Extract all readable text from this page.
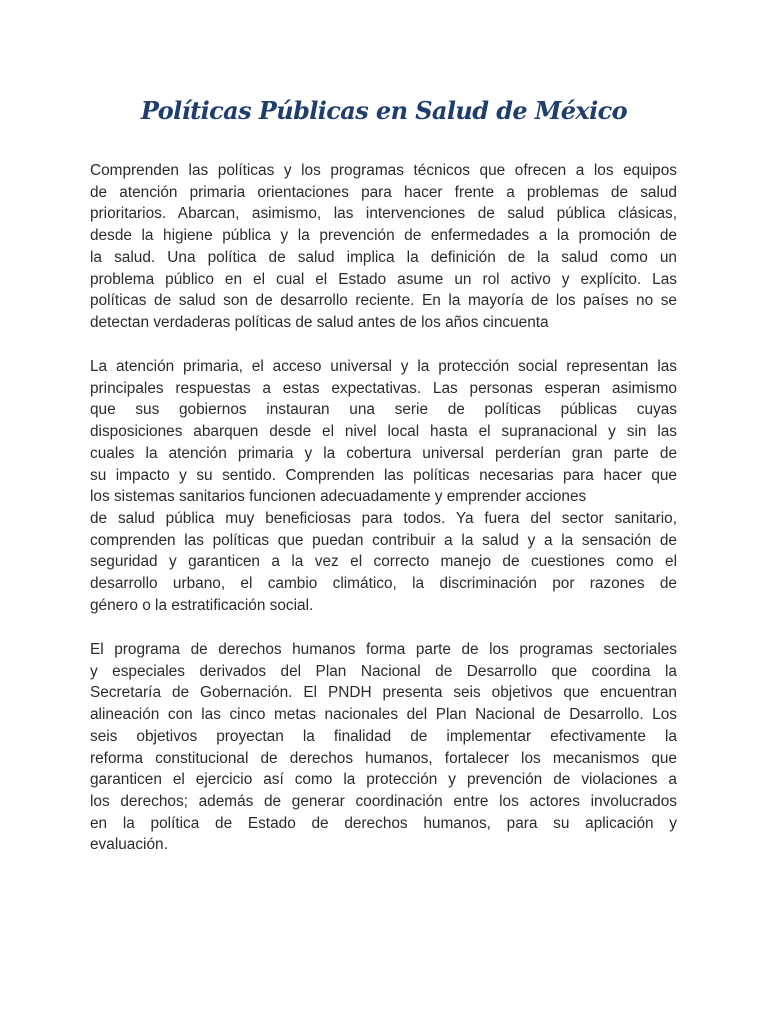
Políticas Públicas en Salud de México
Comprenden las políticas y los programas técnicos que ofrecen a los equipos
de atención primaria orientaciones para hacer frente a problemas de salud
prioritarios. Abarcan, asimismo, las intervenciones de salud pública clásicas,
desde la higiene pública y la prevención de enfermedades a la promoción de
la salud. Una política de salud implica la definición de la salud como un
problema público en el cual el Estado asume un rol activo y explícito. Las
políticas de salud son de desarrollo reciente. En la mayoría de los países no se
detectan verdaderas políticas de salud antes de los años cincuenta
La atención primaria, el acceso universal y la protección social representan las
principales respuestas a estas expectativas. Las personas esperan asimismo
que sus gobiernos instauran una serie de políticas públicas cuyas
disposiciones abarquen desde el nivel local hasta el supranacional y sin las
cuales la atención primaria y la cobertura universal perderían gran parte de
su impacto y su sentido. Comprenden las políticas necesarias para hacer que
los sistemas sanitarios funcionen adecuadamente y emprender acciones
de salud pública muy beneficiosas para todos. Ya fuera del sector sanitario,
comprenden las políticas que puedan contribuir a la salud y a la sensación de
seguridad y garanticen a la vez el correcto manejo de cuestiones como el
desarrollo urbano, el cambio climático, la discriminación por razones de
género o la estratificación social.
El programa de derechos humanos forma parte de los programas sectoriales
y especiales derivados del Plan Nacional de Desarrollo que coordina la
Secretaría de Gobernación. El PNDH presenta seis objetivos que encuentran
alineación con las cinco metas nacionales del Plan Nacional de Desarrollo. Los
seis objetivos proyectan la finalidad de implementar efectivamente la
reforma constitucional de derechos humanos, fortalecer los mecanismos que
garanticen el ejercicio así como la protección y prevención de violaciones a
los derechos; además de generar coordinación entre los actores involucrados
en la política de Estado de derechos humanos, para su aplicación y
evaluación.
